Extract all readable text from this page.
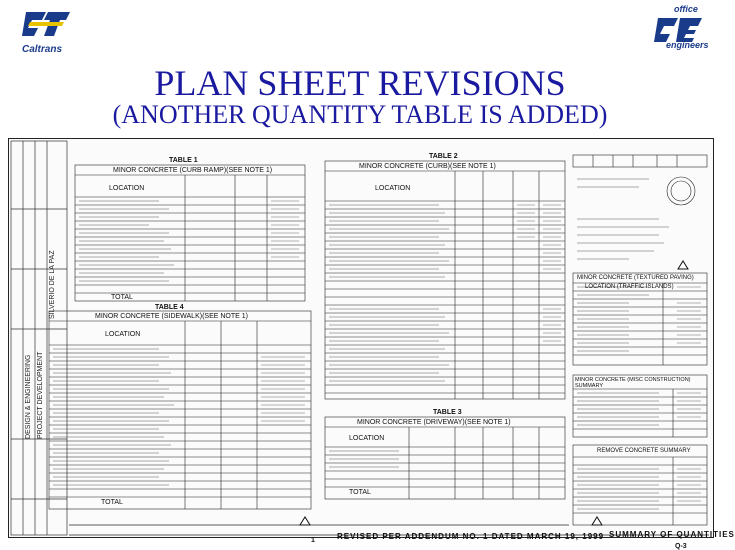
Caltrans
office
engineers
PLAN SHEET REVISIONS
(ANOTHER QUANTITY TABLE IS ADDED)
TABLE 1
MINOR CONCRETE (CURB RAMP)(SEE NOTE 1)
LOCATION
TOTAL
TABLE 4
MINOR CONCRETE (SIDEWALK)(SEE NOTE 1)
LOCATION
TOTAL
TABLE 2
MINOR CONCRETE (CURB)(SEE NOTE 1)
LOCATION
TABLE 3
MINOR CONCRETE (DRIVEWAY)(SEE NOTE 1)
LOCATION
TOTAL
MINOR CONCRETE (TEXTURED PAVING)
LOCATION (TRAFFIC ISLANDS)
MINOR CONCRETE (MISC CONSTRUCTION) SUMMARY
REMOVE CONCRETE SUMMARY
1	REVISED PER ADDENDUM NO. 1 DATED MARCH 19, 1999 SUMMARY OF QUANTITIES
Q-3
PROJECT DEVELOPMENT
DESIGN & ENGINEERING
SILVERIO DE LA PAZ
